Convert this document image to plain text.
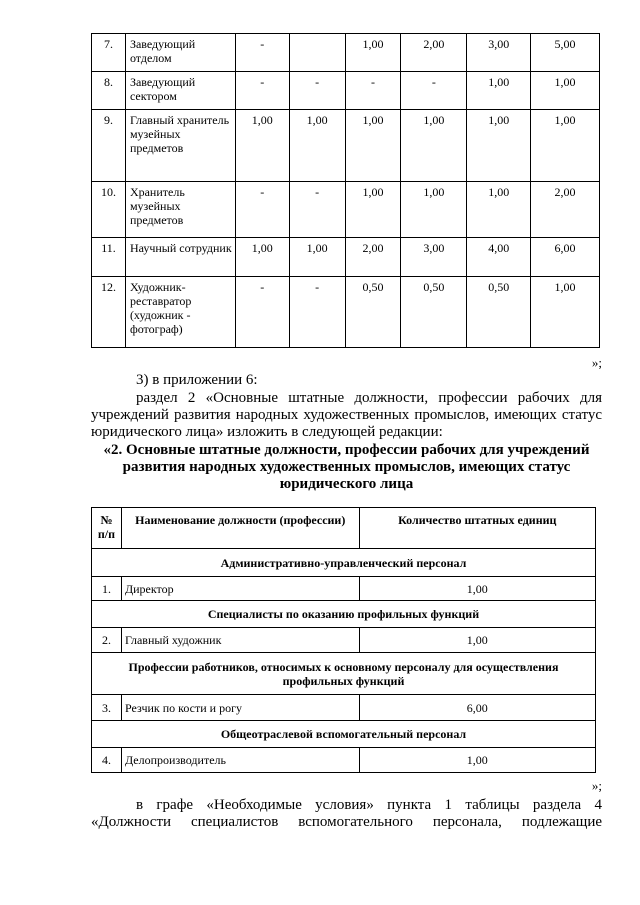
7.	Заведующий отделом	-		1,00	2,00	3,00	5,00
8.	Заведующий сектором	-	-	-	-	1,00	1,00
9.	Главный хранитель музейных предметов	1,00	1,00	1,00	1,00	1,00	1,00
10.	Хранитель музейных предметов	-	-	1,00	1,00	1,00	2,00
11.	Научный сотрудник	1,00	1,00	2,00	3,00	4,00	6,00
12.	Художник-реставратор (художник - фотограф)	-	-	0,50	0,50	0,50	1,00
»;
3) в приложении 6:
раздел 2 «Основные штатные должности, профессии рабочих для учреждений развития народных художественных промыслов, имеющих статус юридического лица» изложить в следующей редакции:
«2. Основные штатные должности, профессии рабочих для учреждений развития народных художественных промыслов, имеющих статус юридического лица
№ п/п	Наименование должности (профессии)	Количество штатных единиц
Административно-управленческий персонал		
1.	Директор	1,00
Специалисты по оказанию профильных функций		
2.	Главный художник	1,00
Профессии работников, относимых к основному персоналу для осуществления профильных функций		
3.	Резчик по кости и рогу	6,00
Общеотраслевой вспомогательный персонал		
4.	Делопроизводитель	1,00
»;
в графе «Необходимые условия» пункта 1 таблицы раздела 4 «Должности специалистов вспомогательного персонала, подлежащие
